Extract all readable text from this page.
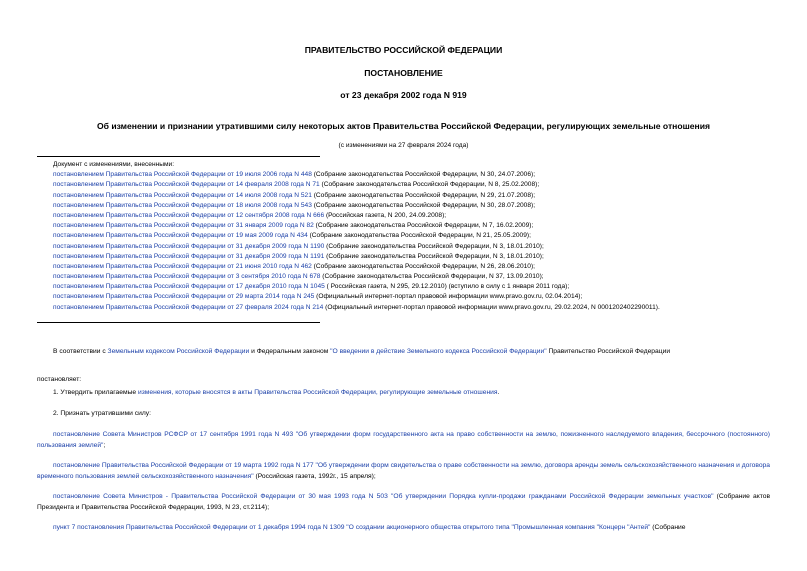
ПРАВИТЕЛЬСТВО РОССИЙСКОЙ ФЕДЕРАЦИИ
ПОСТАНОВЛЕНИЕ
от 23 декабря 2002 года N 919
Об изменении и признании утратившими силу некоторых актов Правительства Российской Федерации, регулирующих земельные отношения
(с изменениями на 27 февраля 2024 года)
Документ с изменениями, внесенными:
постановлением Правительства Российской Федерации от 19 июля 2006 года N 448 (Собрание законодательства Российской Федерации, N 30, 24.07.2006);
постановлением Правительства Российской Федерации от 14 февраля 2008 года N 71 (Собрание законодательства Российской Федерации, N 8, 25.02.2008);
постановлением Правительства Российской Федерации от 14 июля 2008 года N 521 (Собрание законодательства Российской Федерации, N 29, 21.07.2008);
постановлением Правительства Российской Федерации от 18 июля 2008 года N 543 (Собрание законодательства Российской Федерации, N 30, 28.07.2008);
постановлением Правительства Российской Федерации от 12 сентября 2008 года N 666 (Российская газета, N 200, 24.09.2008);
постановлением Правительства Российской Федерации от 31 января 2009 года N 82 (Собрание законодательства Российской Федерации, N 7, 16.02.2009);
постановлением Правительства Российской Федерации от 19 мая 2009 года N 434 (Собрание законодательства Российской Федерации, N 21, 25.05.2009);
постановлением Правительства Российской Федерации от 31 декабря 2009 года N 1190 (Собрание законодательства Российской Федерации, N 3, 18.01.2010);
постановлением Правительства Российской Федерации от 31 декабря 2009 года N 1191 (Собрание законодательства Российской Федерации, N 3, 18.01.2010);
постановлением Правительства Российской Федерации от 21 июня 2010 года N 462 (Собрание законодательства Российской Федерации, N 26, 28.06.2010);
постановлением Правительства Российской Федерации от 3 сентября 2010 года N 678 (Собрание законодательства Российской Федерации, N 37, 13.09.2010);
постановлением Правительства Российской Федерации от 17 декабря 2010 года N 1045 ( Российская газета, N 295, 29.12.2010) (вступило в силу с 1 января 2011 года);
постановлением Правительства Российской Федерации от 29 марта 2014 года N 245 (Официальный интернет-портал правовой информации www.pravo.gov.ru, 02.04.2014);
постановлением Правительства Российской Федерации от 27 февраля 2024 года N 214 (Официальный интернет-портал правовой информации www.pravo.gov.ru, 29.02.2024, N 0001202402290011).
В соответствии с Земельным кодексом Российской Федерации и Федеральным законом "О введении в действие Земельного кодекса Российской Федерации" Правительство Российской Федерации
постановляет:
1. Утвердить прилагаемые изменения, которые вносятся в акты Правительства Российской Федерации, регулирующие земельные отношения.
2. Признать утратившими силу:
постановление Совета Министров РСФСР от 17 сентября 1991 года N 493 "Об утверждении форм государственного акта на право собственности на землю, пожизненного наследуемого владения, бессрочного (постоянного) пользования землей";
постановление Правительства Российской Федерации от 19 марта 1992 года N 177 "Об утверждении форм свидетельства о праве собственности на землю, договора аренды земель сельскохозяйственного назначения и договора временного пользования землей сельскохозяйственного назначения" (Российская газета, 1992г., 15 апреля);
постановление Совета Министров - Правительства Российской Федерации от 30 мая 1993 года N 503 "Об утверждении Порядка купли-продажи гражданами Российской Федерации земельных участков" (Собрание актов Президента и Правительства Российской Федерации, 1993, N 23, ст.2114);
пункт 7 постановления Правительства Российской Федерации от 1 декабря 1994 года N 1309 "О создании акционерного общества открытого типа "Промышленная компания "Концерн "Антей" (Собрание
